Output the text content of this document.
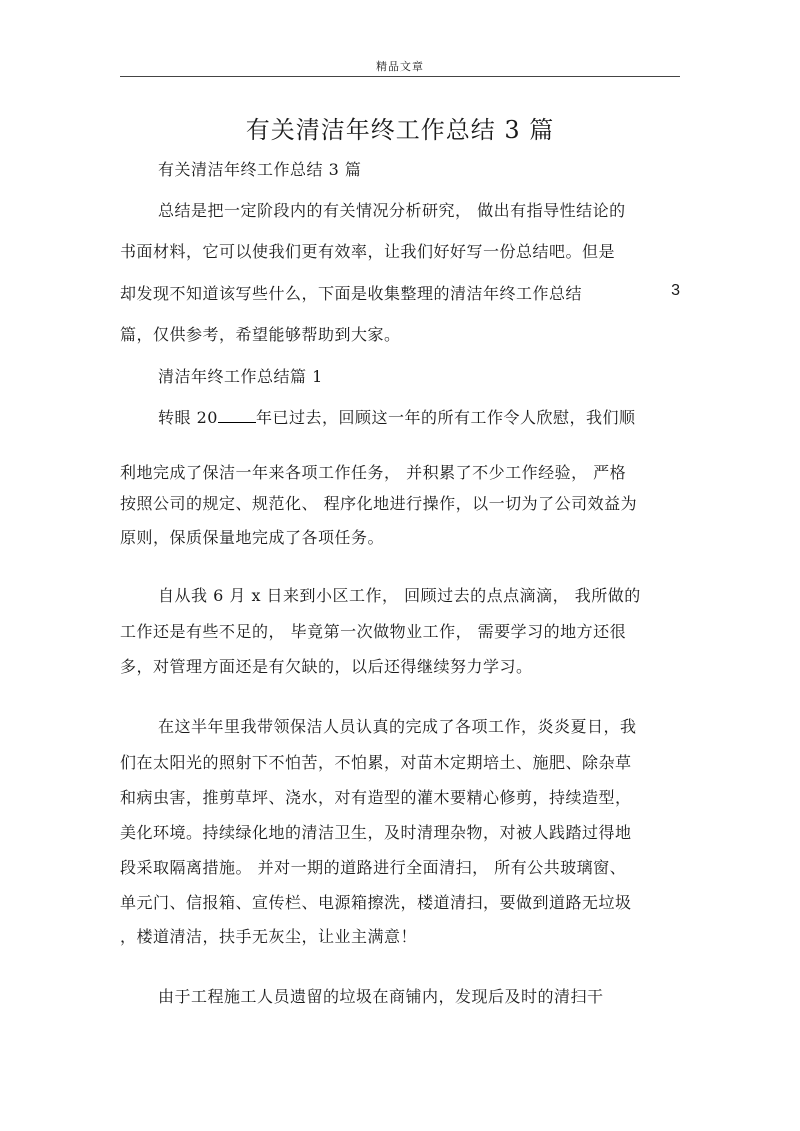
精品文章
有关清洁年终工作总结 3 篇
有关清洁年终工作总结 3 篇
总结是把一定阶段内的有关情况分析研究， 做出有指导性结论的
书面材料，它可以使我们更有效率，让我们好好写一份总结吧。但是
却发现不知道该写些什么，下面是收集整理的清洁年终工作总结	3
篇，仅供参考，希望能够帮助到大家。
清洁年终工作总结篇 1
转眼 20 年已过去，回顾这一年的所有工作令人欣慰，我们顺
利地完成了保洁一年来各项工作任务， 并积累了不少工作经验， 严格
按照公司的规定、规范化、 程序化地进行操作，以一切为了公司效益为
原则，保质保量地完成了各项任务。
自从我 6 月 x 日来到小区工作， 回顾过去的点点滴滴， 我所做的
工作还是有些不足的， 毕竟第一次做物业工作， 需要学习的地方还很
多，对管理方面还是有欠缺的，以后还得继续努力学习。
在这半年里我带领保洁人员认真的完成了各项工作，炎炎夏日，我
们在太阳光的照射下不怕苦，不怕累，对苗木定期培土、施肥、除杂草
和病虫害，推剪草坪、浇水，对有造型的灌木要精心修剪，持续造型，
美化环境。持续绿化地的清洁卫生，及时清理杂物，对被人践踏过得地
段采取隔离措施。 并对一期的道路进行全面清扫， 所有公共玻璃窗、
单元门、信报箱、宣传栏、电源箱擦洗，楼道清扫，要做到道路无垃圾
，楼道清洁，扶手无灰尘，让业主满意！
由于工程施工人员遗留的垃圾在商铺内，发现后及时的清扫干
